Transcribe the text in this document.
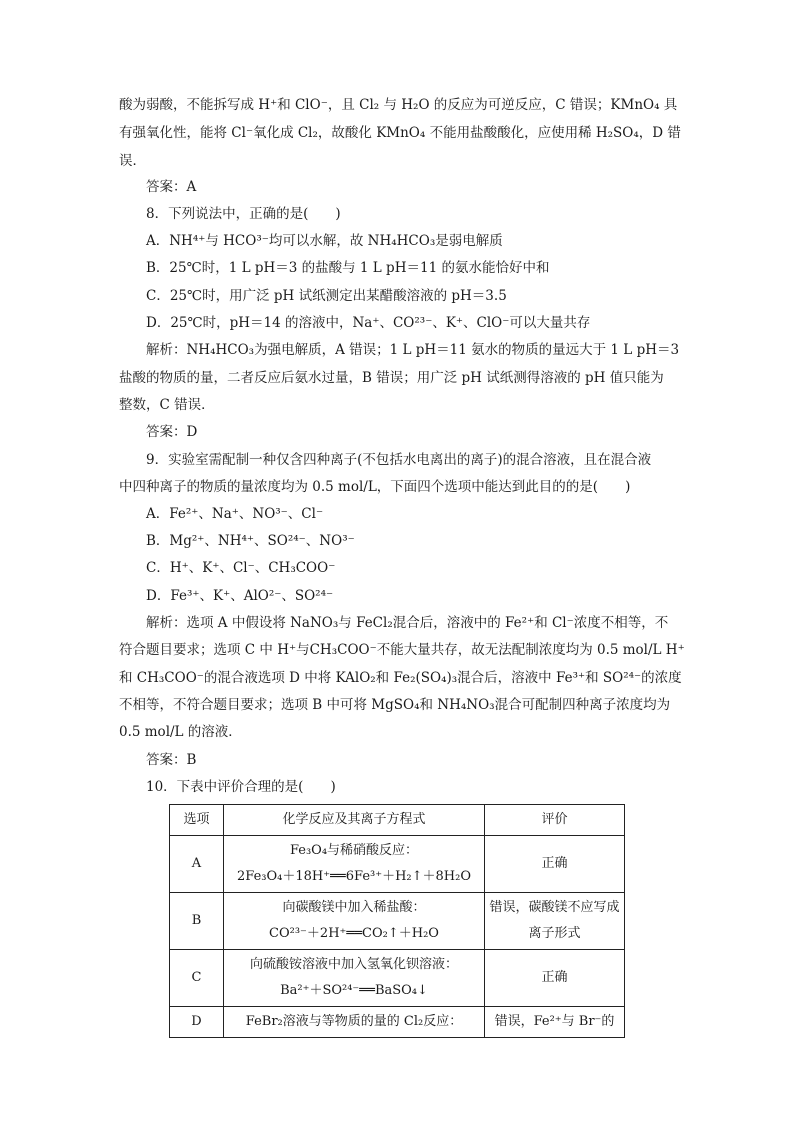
酸为弱酸，不能拆写成 H⁺和 ClO⁻，且 Cl₂ 与 H₂O 的反应为可逆反应，C 错误；KMnO₄ 具
有强氧化性，能将 Cl⁻氧化成 Cl₂，故酸化 KMnO₄ 不能用盐酸酸化，应使用稀 H₂SO₄，D 错
误．
答案：A
8．下列说法中，正确的是(　　)
A．NH⁴⁺与 HCO³⁻均可以水解，故 NH₄HCO₃是弱电解质
B．25℃时，1 L pH＝3 的盐酸与 1 L pH＝11 的氨水能恰好中和
C．25℃时，用广泛 pH 试纸测定出某醋酸溶液的 pH＝3.5
D．25℃时，pH＝14 的溶液中，Na⁺、CO²³⁻、K⁺、ClO⁻可以大量共存
解析：NH₄HCO₃为强电解质，A 错误；1 L pH＝11 氨水的物质的量远大于 1 L pH＝3
盐酸的物质的量，二者反应后氨水过量，B 错误；用广泛 pH 试纸测得溶液的 pH 值只能为
整数，C 错误．
答案：D
9．实验室需配制一种仅含四种离子(不包括水电离出的离子)的混合溶液，且在混合液
中四种离子的物质的量浓度均为 0.5 mol/L，下面四个选项中能达到此目的的是(　　)
A．Fe²⁺、Na⁺、NO³⁻、Cl⁻
B．Mg²⁺、NH⁴⁺、SO²⁴⁻、NO³⁻
C．H⁺、K⁺、Cl⁻、CH₃COO⁻
D．Fe³⁺、K⁺、AlO²⁻、SO²⁴⁻
解析：选项 A 中假设将 NaNO₃与 FeCl₂混合后，溶液中的 Fe²⁺和 Cl⁻浓度不相等，不
符合题目要求；选项 C 中 H⁺与CH₃COO⁻不能大量共存，故无法配制浓度均为 0.5 mol/L H⁺
和 CH₃COO⁻的混合液选项 D 中将 KAlO₂和 Fe₂(SO₄)₃混合后，溶液中 Fe³⁺和 SO²⁴⁻的浓度
不相等，不符合题目要求；选项 B 中可将 MgSO₄和 NH₄NO₃混合可配制四种离子浓度均为
0.5 mol/L 的溶液．
答案：B
10．下表中评价合理的是(　　)
选项	化学反应及其离子方程式	评价
A	Fe₃O₄与稀硝酸反应：
2Fe₃O₄＋18H⁺══6Fe³⁺＋H₂↑＋8H₂O	正确
B	向碳酸镁中加入稀盐酸：
CO²³⁻＋2H⁺══CO₂↑＋H₂O	错误，碳酸镁不应写成离子形式
C	向硫酸铵溶液中加入氢氧化钡溶液：
Ba²⁺＋SO²⁴⁻══BaSO₄↓	正确
D	FeBr₂溶液与等物质的量的 Cl₂反应：	错误，Fe²⁺与 Br⁻的
